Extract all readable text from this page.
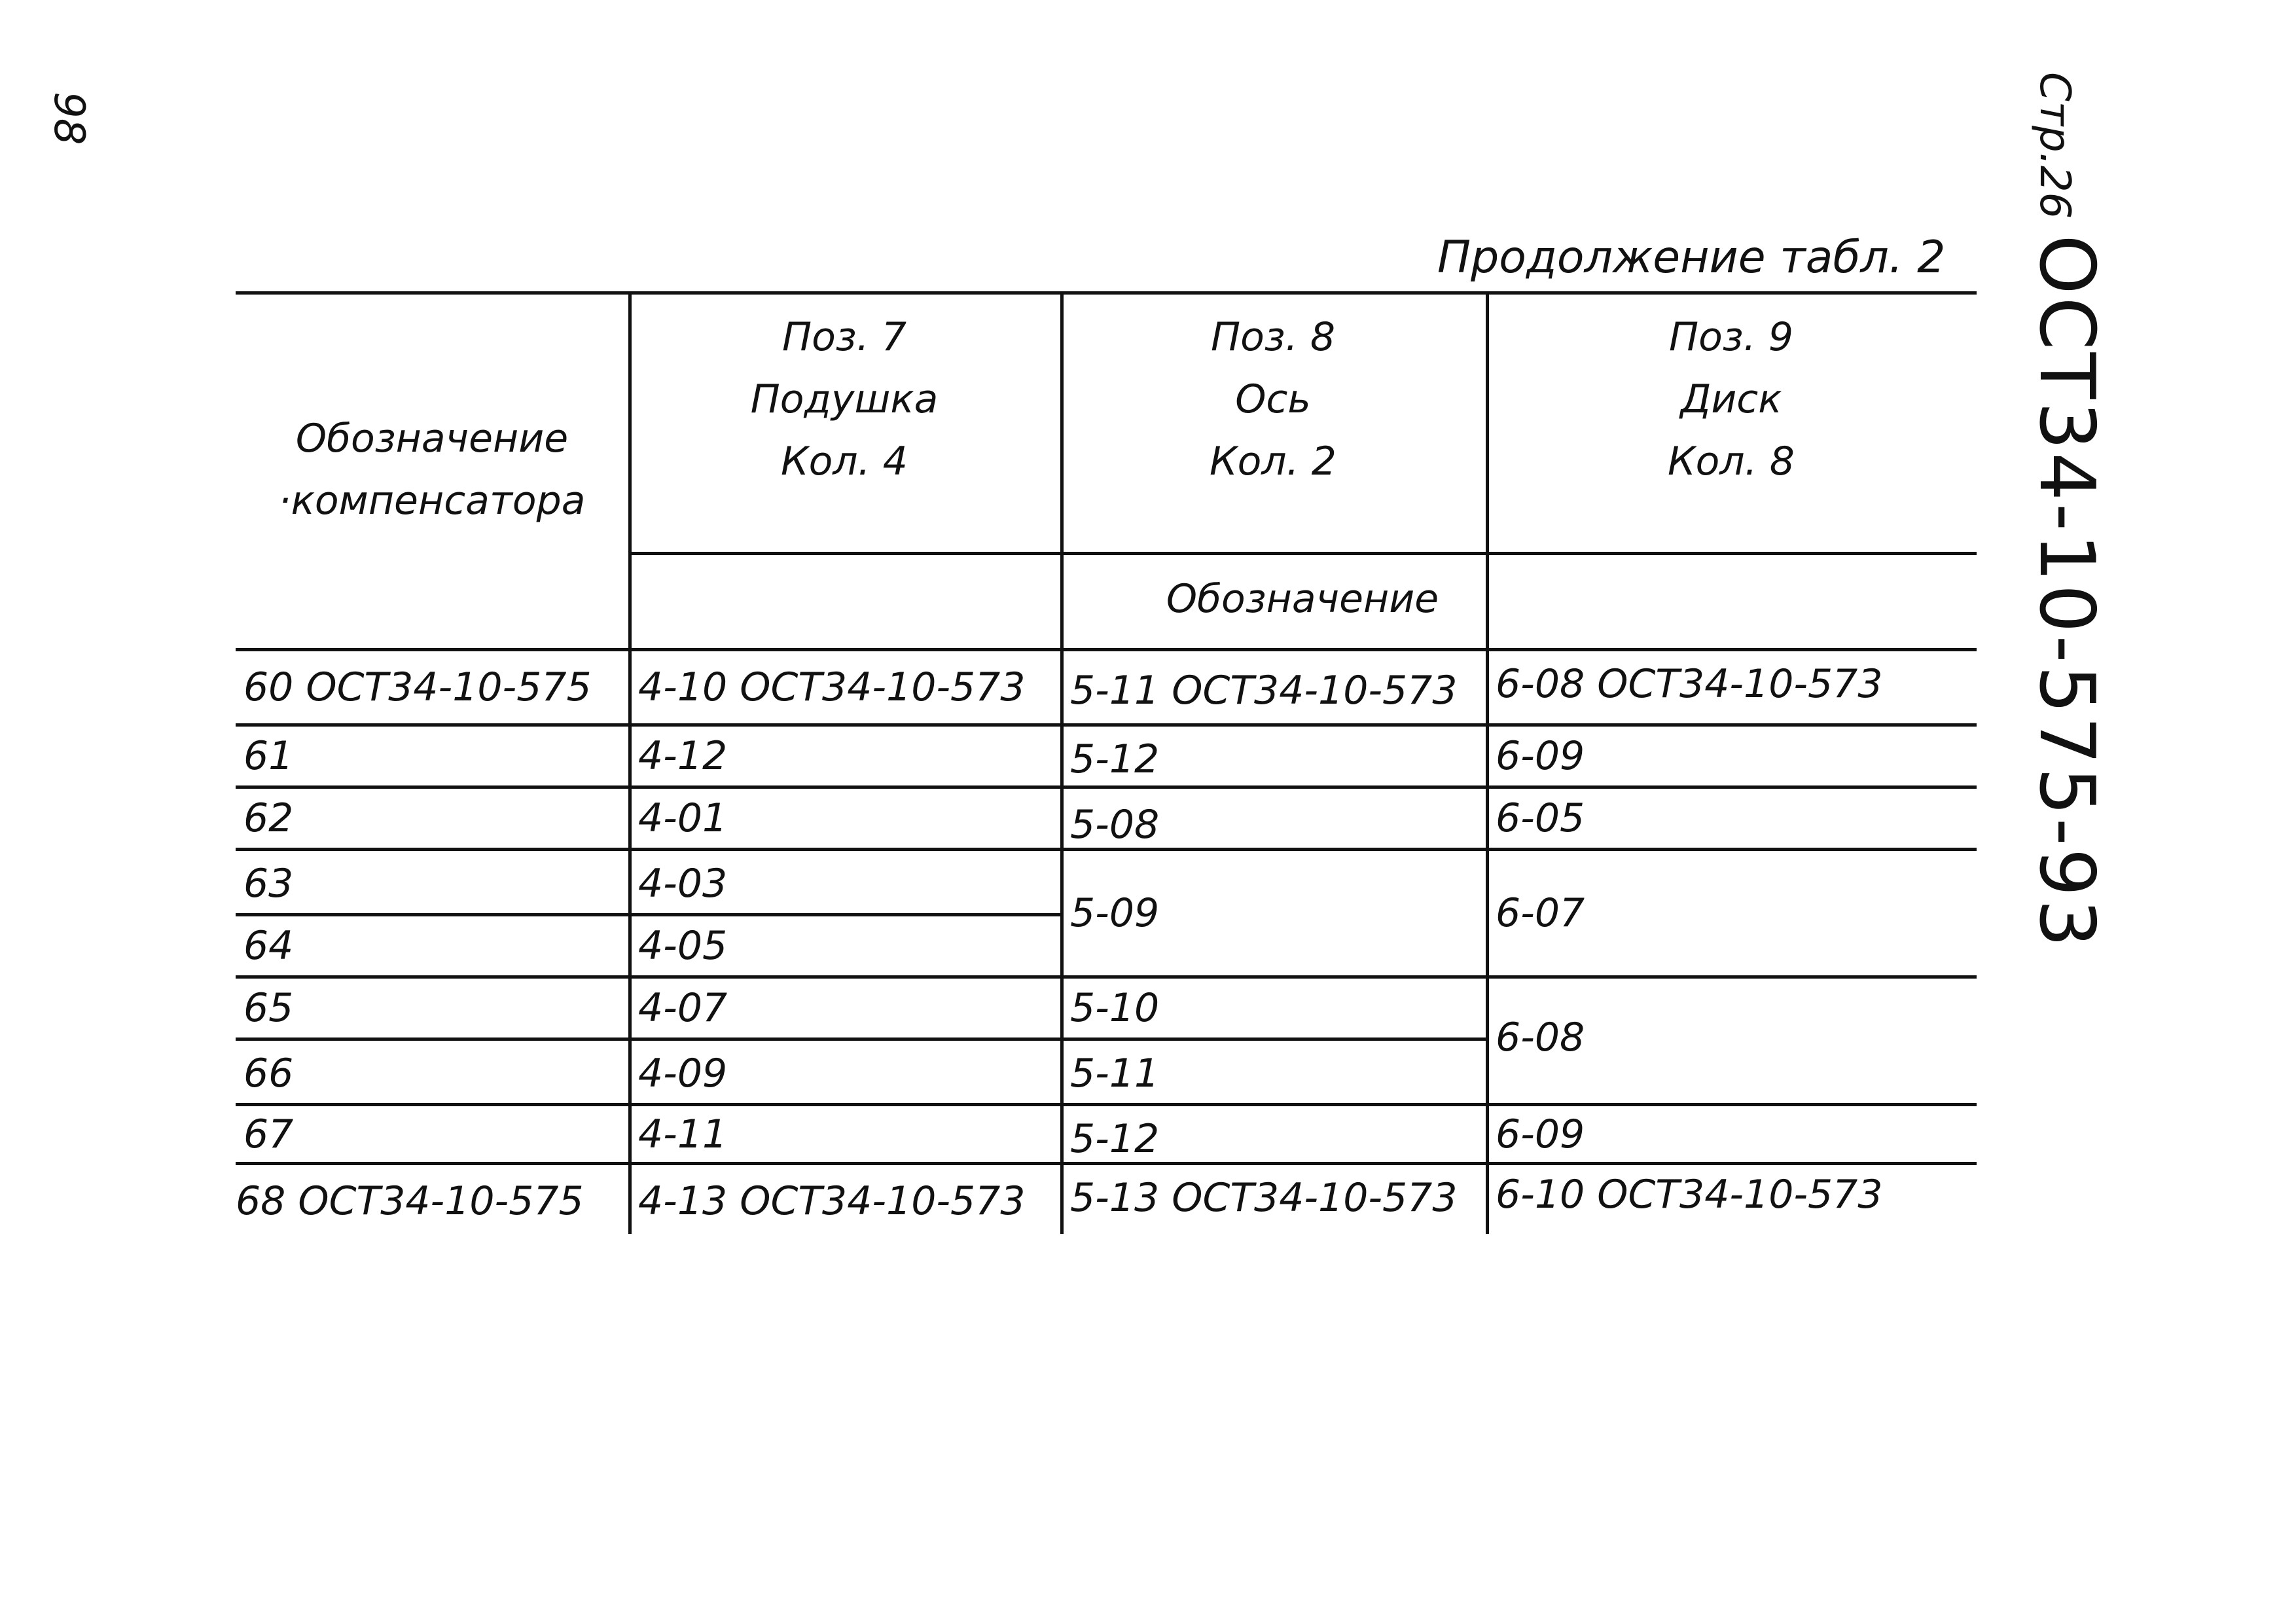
98	Стр.26
ОСТ34-10-575-93
Продолжение табл. 2
Обозначение
·компенсатора
Поз. 7
Подушка
Кол. 4
Поз. 8
Ось
Кол. 2
Поз. 9
Диск
Кол. 8
Обозначение
60 ОСТ34-10-575
61
62
63
64
65
66
67
68 ОСТ34-10-575
4-10 ОСТ34-10-573
4-12
4-01
4-03
4-05
4-07
4-09
4-11
4-13 ОСТ34-10-573
5-11 ОСТ34-10-573
5-12
5-08
5-09
5-10
5-11
5-12
5-13 ОСТ34-10-573
6-08 ОСТ34-10-573
6-09
6-05
6-07
6-08
6-09
6-10 ОСТ34-10-573
